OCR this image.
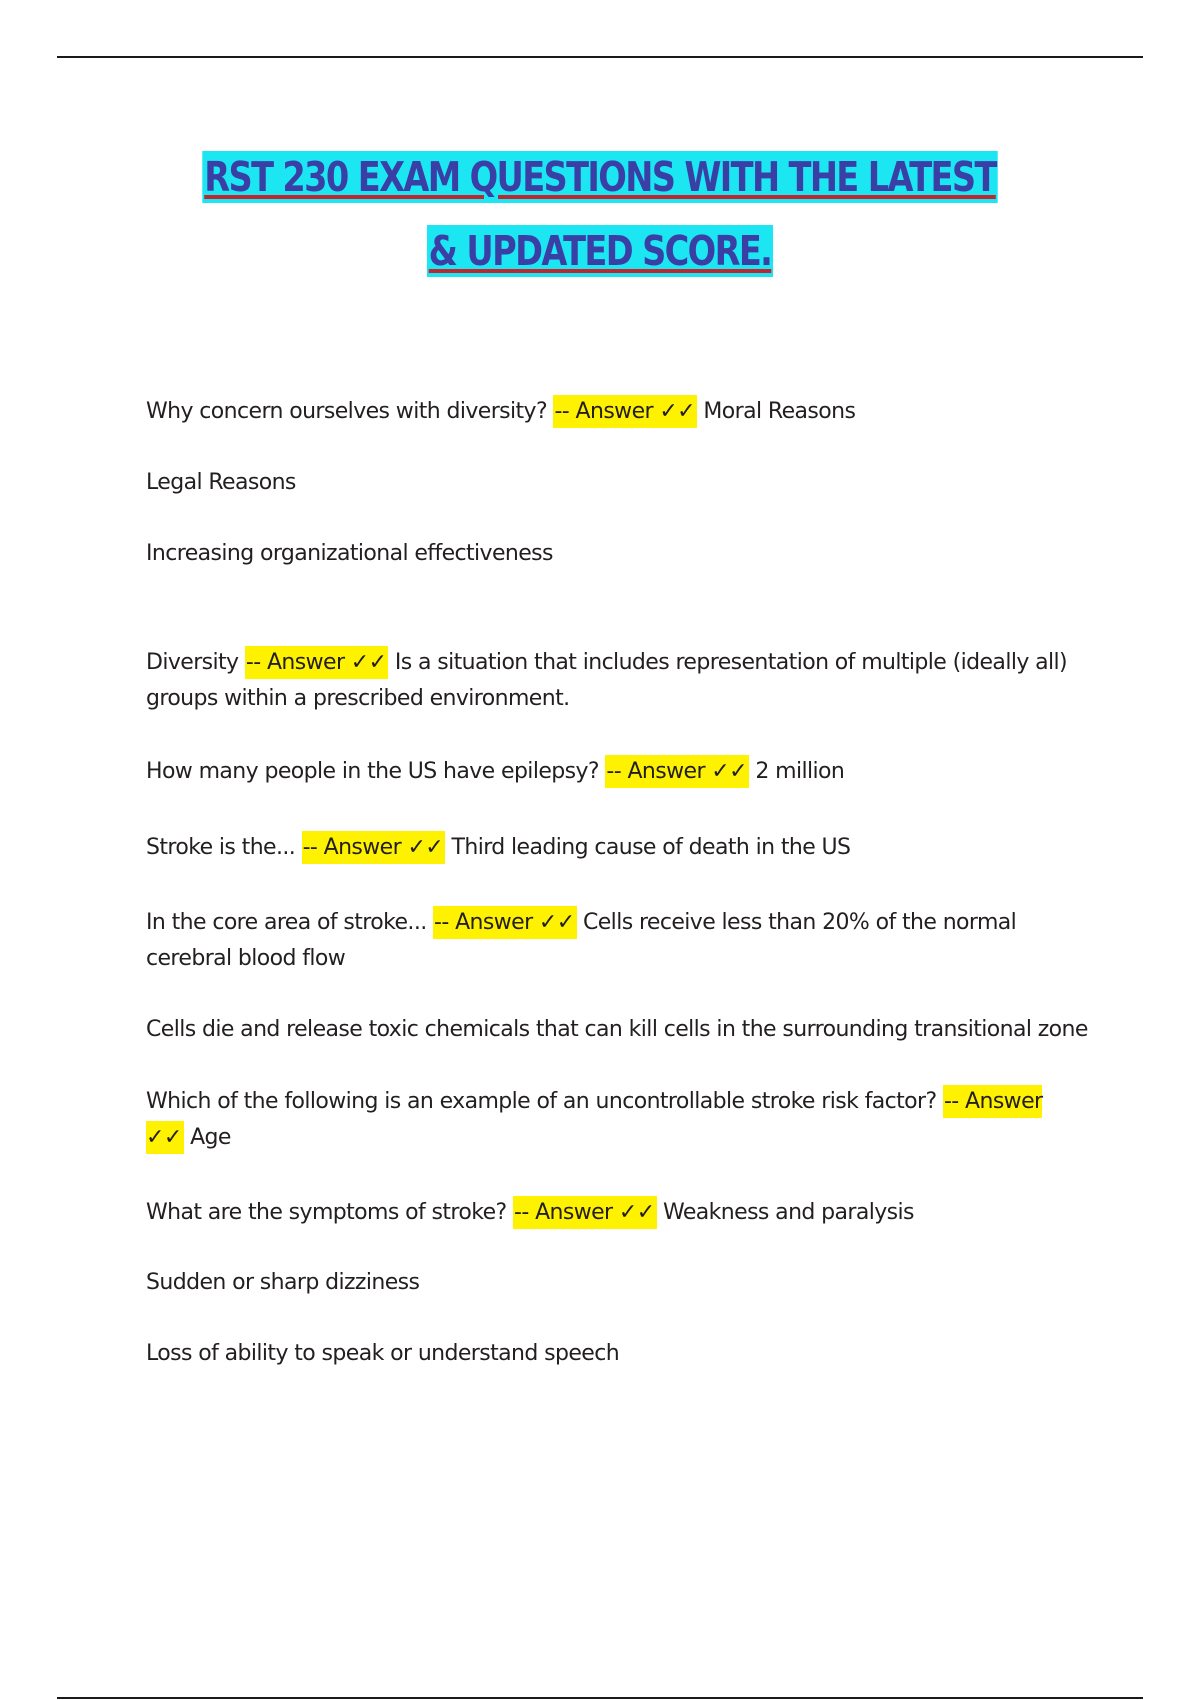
RST 230 EXAM QUESTIONS WITH THE LATEST & UPDATED SCORE.
Why concern ourselves with diversity? -- Answer ✓✓ Moral Reasons
Legal Reasons
Increasing organizational effectiveness
Diversity -- Answer ✓✓ Is a situation that includes representation of multiple (ideally all) groups within a prescribed environment.
How many people in the US have epilepsy? -- Answer ✓✓ 2 million
Stroke is the... -- Answer ✓✓ Third leading cause of death in the US
In the core area of stroke... -- Answer ✓✓ Cells receive less than 20% of the normal cerebral blood flow
Cells die and release toxic chemicals that can kill cells in the surrounding transitional zone
Which of the following is an example of an uncontrollable stroke risk factor? -- Answer ✓✓ Age
What are the symptoms of stroke? -- Answer ✓✓ Weakness and paralysis
Sudden or sharp dizziness
Loss of ability to speak or understand speech
